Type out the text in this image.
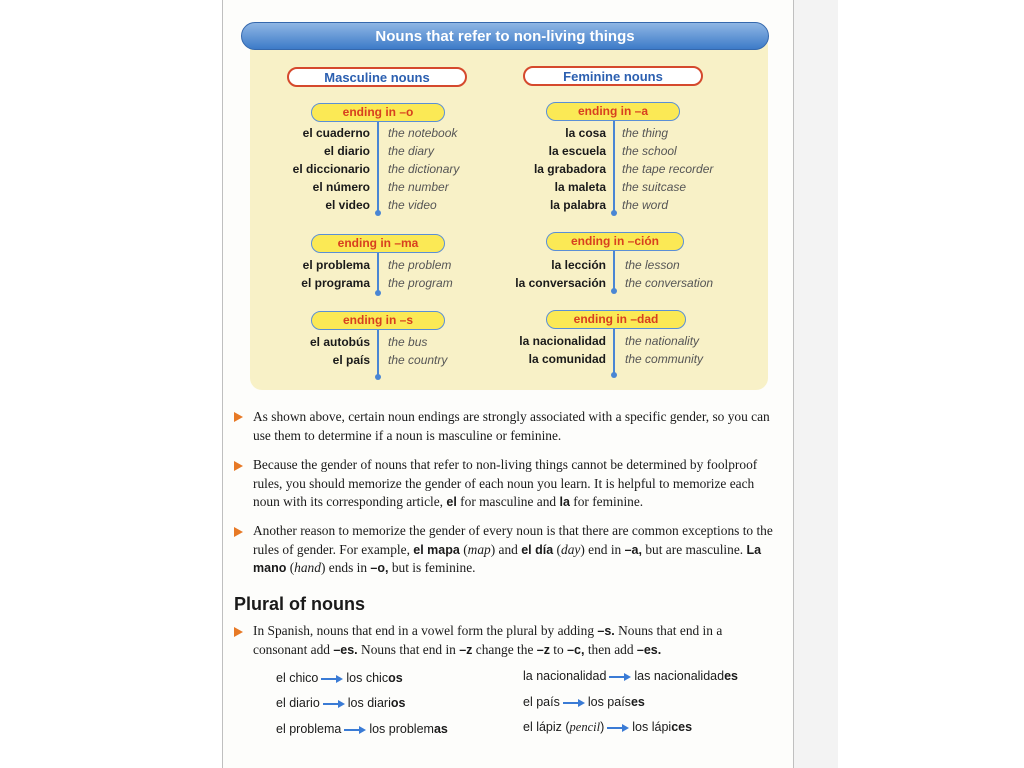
Nouns that refer to non-living things
Masculine nouns	Feminine nouns
ending in –o
el cuaderno the notebook
el diario the diary
el diccionario the dictionary
el número the number
el video the video
ending in –ma
el problema the problem
el programa the program
ending in –s
el autobús the bus
el país the country
ending in –a
la cosa the thing
la escuela the school
la grabadora the tape recorder
la maleta the suitcase
la palabra the word
ending in –ción
la lección the lesson
la conversación the conversation
ending in –dad
la nacionalidad the nationality
la comunidad the community
As shown above, certain noun endings are strongly associated with a specific gender, so you can use them to determine if a noun is masculine or feminine.
Because the gender of nouns that refer to non-living things cannot be determined by foolproof rules, you should memorize the gender of each noun you learn. It is helpful to memorize each noun with its corresponding article, el for masculine and la for feminine.
Another reason to memorize the gender of every noun is that there are common exceptions to the rules of gender. For example, el mapa (map) and el día (day) end in –a, but are masculine. La mano (hand) ends in –o, but is feminine.
Plural of nouns
In Spanish, nouns that end in a vowel form the plural by adding –s. Nouns that end in a consonant add –es. Nouns that end in –z change the –z to –c, then add –es.
el chico los chicos
el diario los diarios
el problema los problemas
la nacionalidad las nacionalidades
el país los países
el lápiz (pencil) los lápices
